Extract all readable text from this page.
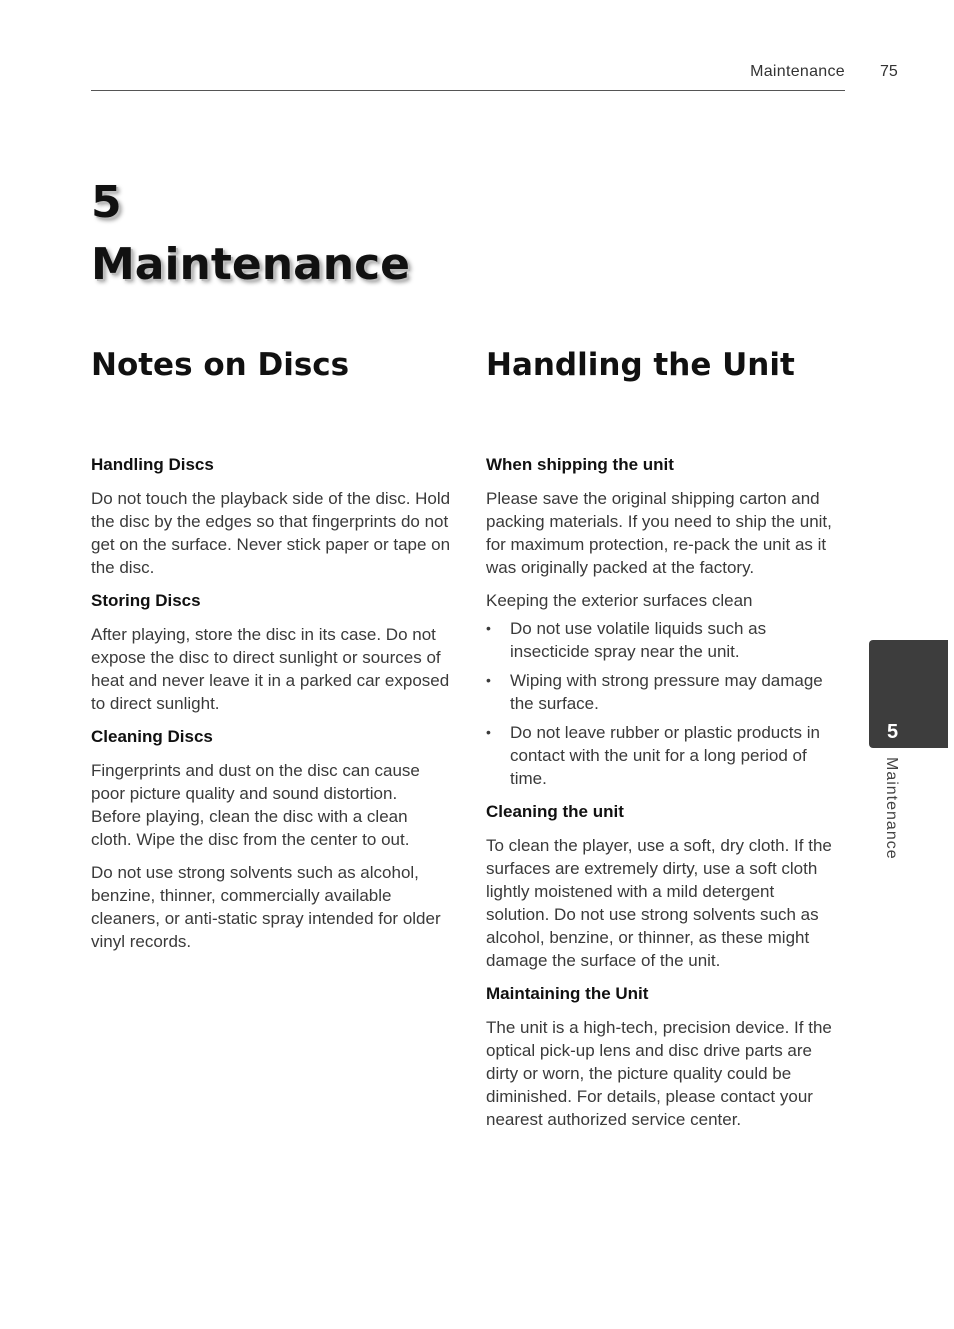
Maintenance 75
5
Maintenance
Notes on Discs
Handling Discs

Do not touch the playback side of the disc. Hold the disc by the edges so that fingerprints do not get on the surface. Never stick paper or tape on the disc.

Storing Discs

After playing, store the disc in its case. Do not expose the disc to direct sunlight or sources of heat and never leave it in a parked car exposed to direct sunlight.

Cleaning Discs

Fingerprints and dust on the disc can cause poor picture quality and sound distortion. Before playing, clean the disc with a clean cloth. Wipe the disc from the center to out.

Do not use strong solvents such as alcohol, benzine, thinner, commercially available cleaners, or anti-static spray intended for older vinyl records.

Handling the Unit
When shipping the unit

Please save the original shipping carton and packing materials. If you need to ship the unit, for maximum protection, re-pack the unit as it was originally packed at the factory.

Keeping the exterior surfaces clean

• Do not use volatile liquids such as insecticide spray near the unit.
• Wiping with strong pressure may damage the surface.
• Do not leave rubber or plastic products in contact with the unit for a long period of time.
Cleaning the unit

To clean the player, use a soft, dry cloth. If the surfaces are extremely dirty, use a soft cloth lightly moistened with a mild detergent solution. Do not use strong solvents such as alcohol, benzine, or thinner, as these might damage the surface of the unit.

Maintaining the Unit

The unit is a high-tech, precision device. If the optical pick-up lens and disc drive parts are dirty or worn, the picture quality could be diminished. For details, please contact your nearest authorized service center.

5
Maintenance
